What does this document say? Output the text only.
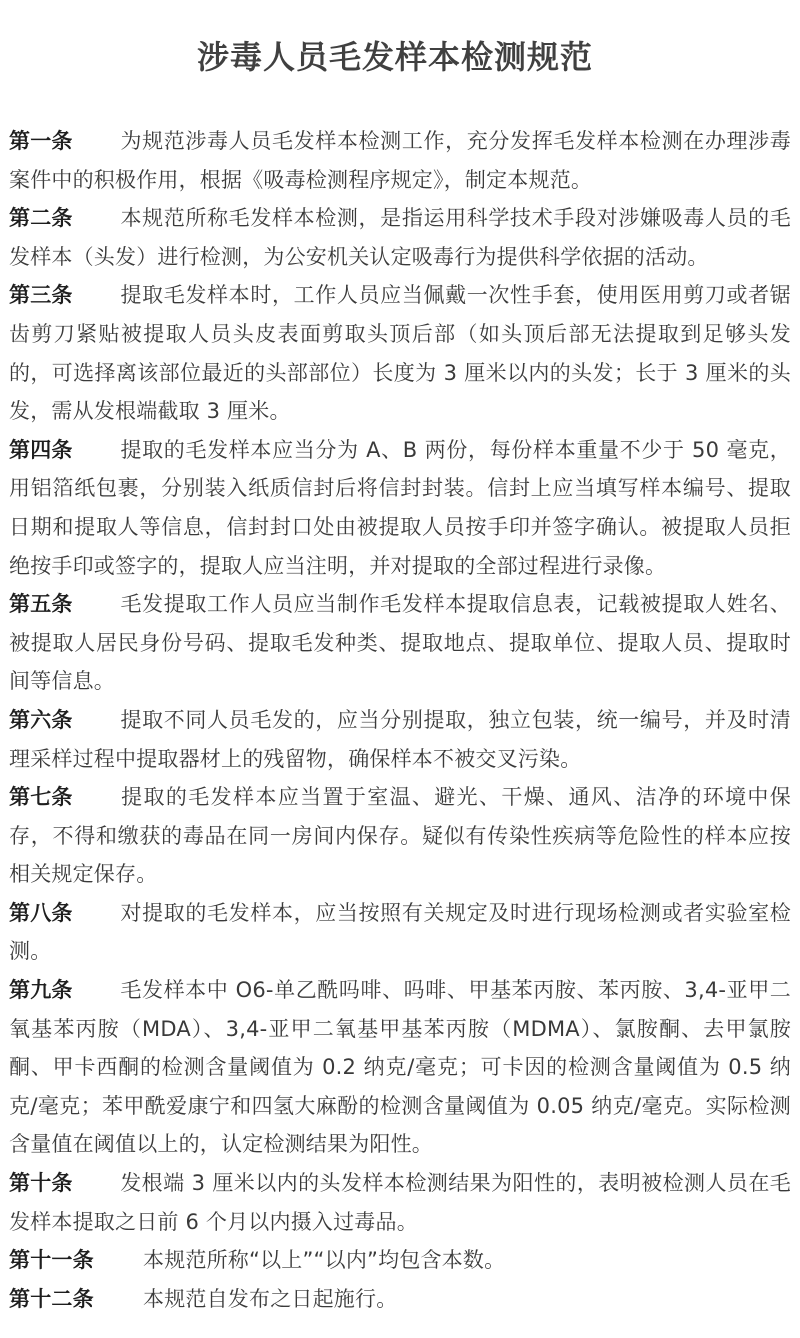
涉毒人员毛发样本检测规范

第一条 为规范涉毒人员毛发样本检测工作，充分发挥毛发样本检测在办理涉毒案件中的积极作用，根据《吸毒检测程序规定》，制定本规范。

第二条 本规范所称毛发样本检测，是指运用科学技术手段对涉嫌吸毒人员的毛发样本（头发）进行检测，为公安机关认定吸毒行为提供科学依据的活动。

第三条 提取毛发样本时，工作人员应当佩戴一次性手套，使用医用剪刀或者锯齿剪刀紧贴被提取人员头皮表面剪取头顶后部（如头顶后部无法提取到足够头发的，可选择离该部位最近的头部部位）长度为 3 厘米以内的头发；长于 3 厘米的头发，需从发根端截取 3 厘米。

第四条 提取的毛发样本应当分为 A、B 两份，每份样本重量不少于 50 毫克，用铝箔纸包裹，分别装入纸质信封后将信封封装。信封上应当填写样本编号、提取日期和提取人等信息，信封封口处由被提取人员按手印并签字确认。被提取人员拒绝按手印或签字的，提取人应当注明，并对提取的全部过程进行录像。

第五条 毛发提取工作人员应当制作毛发样本提取信息表，记载被提取人姓名、被提取人居民身份号码、提取毛发种类、提取地点、提取单位、提取人员、提取时间等信息。

第六条 提取不同人员毛发的，应当分别提取，独立包装，统一编号，并及时清理采样过程中提取器材上的残留物，确保样本不被交叉污染。

第七条 提取的毛发样本应当置于室温、避光、干燥、通风、洁净的环境中保存，不得和缴获的毒品在同一房间内保存。疑似有传染性疾病等危险性的样本应按相关规定保存。

第八条 对提取的毛发样本，应当按照有关规定及时进行现场检测或者实验室检测。

第九条 毛发样本中 O6-单乙酰吗啡、吗啡、甲基苯丙胺、苯丙胺、3,4-亚甲二氧基苯丙胺（MDA）、3,4-亚甲二氧基甲基苯丙胺（MDMA）、氯胺酮、去甲氯胺酮、甲卡西酮的检测含量阈值为 0.2 纳克/毫克；可卡因的检测含量阈值为 0.5 纳克/毫克；苯甲酰爱康宁和四氢大麻酚的检测含量阈值为 0.05 纳克/毫克。实际检测含量值在阈值以上的，认定检测结果为阳性。

第十条 发根端 3 厘米以内的头发样本检测结果为阳性的，表明被检测人员在毛发样本提取之日前 6 个月以内摄入过毒品。

第十一条 本规范所称“以上”“以内”均包含本数。

第十二条 本规范自发布之日起施行。
